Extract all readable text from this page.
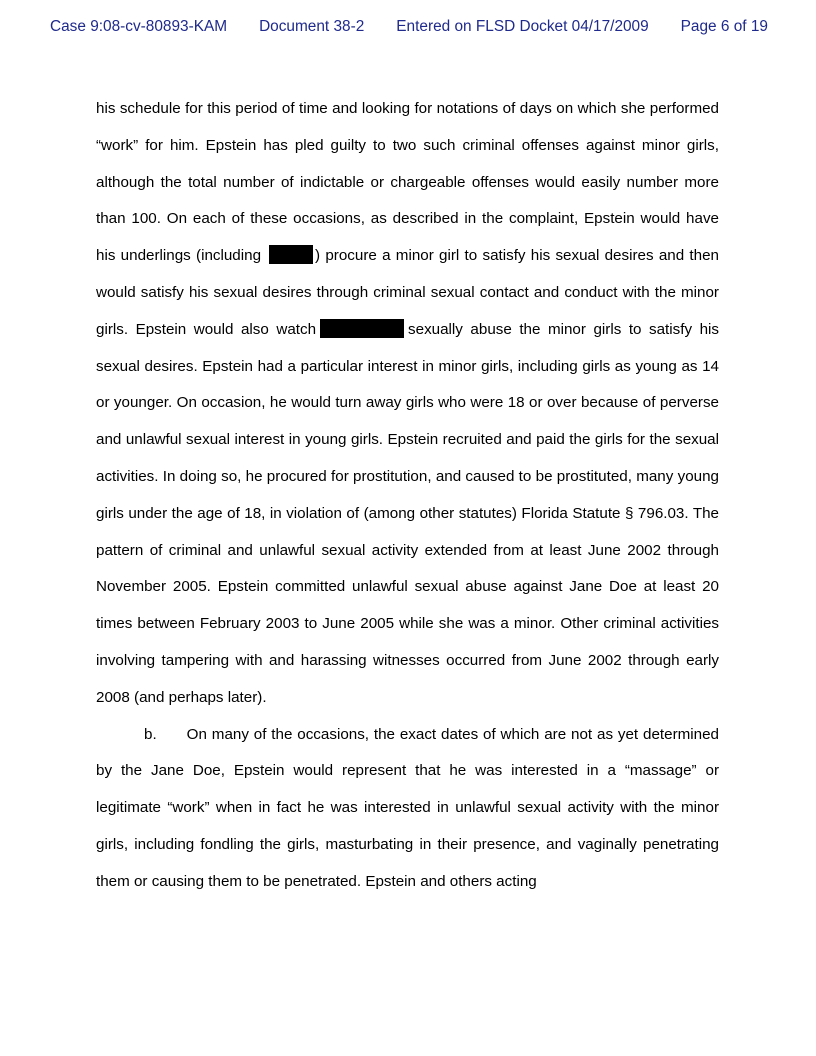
Case 9:08-cv-80893-KAM Document 38-2 Entered on FLSD Docket 04/17/2009 Page 6 of 19

his schedule for this period of time and looking for notations of days on which she performed “work” for him. Epstein has pled guilty to two such criminal offenses against minor girls, although the total number of indictable or chargeable offenses would easily number more than 100. On each of these occasions, as described in the complaint, Epstein would have his underlings (including	) procure a minor girl to satisfy his sexual desires and then would satisfy his sexual desires through criminal sexual contact and conduct with the minor girls. Epstein would also watch	sexually abuse the minor girls to satisfy his sexual desires. Epstein had a particular interest in minor girls, including girls as young as 14 or younger. On occasion, he would turn away girls who were 18 or over because of perverse and unlawful sexual interest in young girls. Epstein recruited and paid the girls for the sexual activities. In doing so, he procured for prostitution, and caused to be prostituted, many young girls under the age of 18, in violation of (among other statutes) Florida Statute § 796.03. The pattern of criminal and unlawful sexual activity extended from at least June 2002 through November 2005. Epstein committed unlawful sexual abuse against Jane Doe at least 20 times between February 2003 to June 2005 while she was a minor. Other criminal activities involving tampering with and harassing witnesses occurred from June 2002 through early 2008 (and perhaps later).

b. On many of the occasions, the exact dates of which are not as yet determined by the Jane Doe, Epstein would represent that he was interested in a “massage” or legitimate “work” when in fact he was interested in unlawful sexual activity with the minor girls, including fondling the girls, masturbating in their presence, and vaginally penetrating them or causing them to be penetrated. Epstein and others acting
